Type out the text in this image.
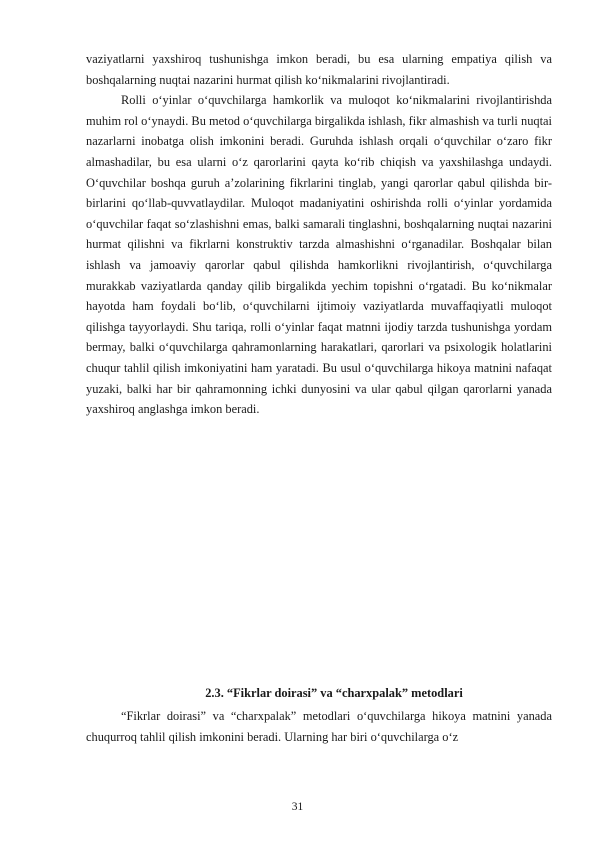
vaziyatlarni yaxshiroq tushunishga imkon beradi, bu esa ularning empatiya qilish va boshqalarning nuqtai nazarini hurmat qilish ko‘nikmalarini rivojlantiradi.

Rolli o‘yinlar o‘quvchilarga hamkorlik va muloqot ko‘nikmalarini rivojlantirishda muhim rol o‘ynaydi. Bu metod o‘quvchilarga birgalikda ishlash, fikr almashish va turli nuqtai nazarlarni inobatga olish imkonini beradi. Guruhda ishlash orqali o‘quvchilar o‘zaro fikr almashadilar, bu esa ularni o‘z qarorlarini qayta ko‘rib chiqish va yaxshilashga undaydi. O‘quvchilar boshqa guruh a’zolarining fikrlarini tinglab, yangi qarorlar qabul qilishda bir-birlarini qo‘llab-quvvatlaydilar. Muloqot madaniyatini oshirishda rolli o‘yinlar yordamida o‘quvchilar faqat so‘zlashishni emas, balki samarali tinglashni, boshqalarning nuqtai nazarini hurmat qilishni va fikrlarni konstruktiv tarzda almashishni o‘rganadilar. Boshqalar bilan ishlash va jamoaviy qarorlar qabul qilishda hamkorlikni rivojlantirish, o‘quvchilarga murakkab vaziyatlarda qanday qilib birgalikda yechim topishni o‘rgatadi. Bu ko‘nikmalar hayotda ham foydali bo‘lib, o‘quvchilarni ijtimoiy vaziyatlarda muvaffaqiyatli muloqot qilishga tayyorlaydi. Shu tariqa, rolli o‘yinlar faqat matnni ijodiy tarzda tushunishga yordam bermay, balki o‘quvchilarga qahramonlarning harakatlari, qarorlari va psixologik holatlarini chuqur tahlil qilish imkoniyatini ham yaratadi. Bu usul o‘quvchilarga hikoya matnini nafaqat yuzaki, balki har bir qahramonning ichki dunyosini va ular qabul qilgan qarorlarni yanada yaxshiroq anglashga imkon beradi.

2.3. “Fikrlar doirasi” va “charxpalak” metodlari

“Fikrlar doirasi” va “charxpalak” metodlari o‘quvchilarga hikoya matnini yanada chuqurroq tahlil qilish imkonini beradi. Ularning har biri o‘quvchilarga o‘z

31
